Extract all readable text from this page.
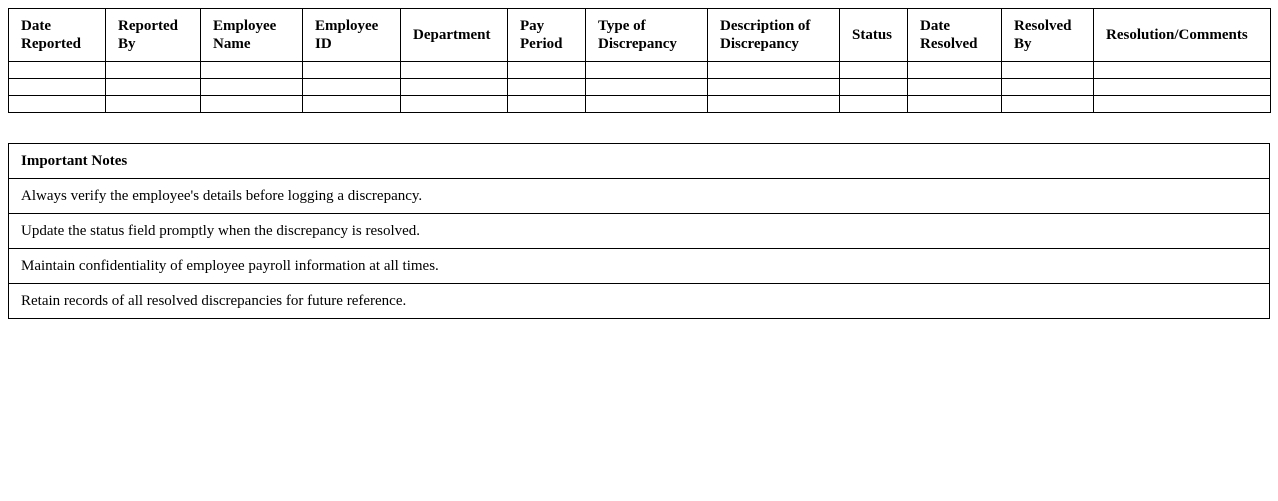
Date Reported	Reported By	Employee Name	Employee ID	Department	Pay Period	Type of Discrepancy	Description of Discrepancy	Status	Date Resolved	Resolved By	Resolution/Comments

Important Notes
Always verify the employee's details before logging a discrepancy.
Update the status field promptly when the discrepancy is resolved.
Maintain confidentiality of employee payroll information at all times.
Retain records of all resolved discrepancies for future reference.
